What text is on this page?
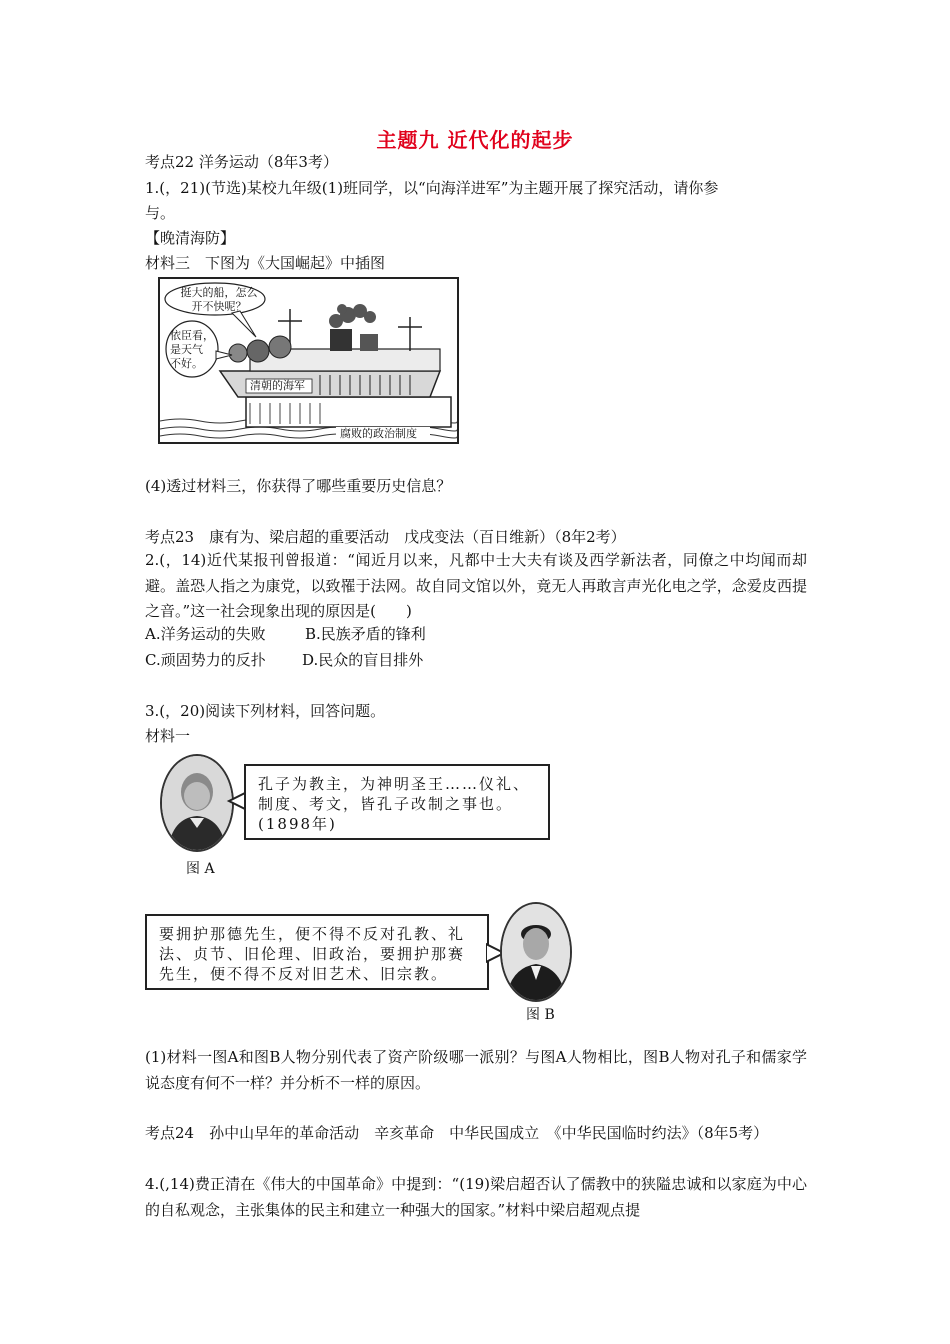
主题九 近代化的起步
考点22 洋务运动（8年3考）
1.(，21)(节选)某校九年级(1)班同学，以“向海洋进军”为主题开展了探究活动，请你参
与。
【晚清海防】
材料三　下图为《大国崛起》中插图
挺大的船，怎么
开不快呢？
依臣看，
是天气
不好。
清朝的海军
腐败的政治制度
(4)透过材料三，你获得了哪些重要历史信息？
考点23　康有为、梁启超的重要活动　戊戌变法（百日维新）（8年2考）
2.(，14)近代某报刊曾报道：“闻近月以来，凡都中士大夫有谈及西学新法者，同僚之中均闻而却避。盖恐人指之为康党，以致罹于法网。故自同文馆以外，竟无人再敢言声光化电之学，念爱皮西提之音。”这一社会现象出现的原因是(　　)
A.洋务运动的失败	B.民族矛盾的锋利
C.顽固势力的反扑 D.民众的盲目排外
3.(，20)阅读下列材料，回答问题。
材料一
孔子为教主，为神明圣王……仪礼、制度、考文，皆孔子改制之事也。(1898年)
图 A
要拥护那德先生，便不得不反对孔教、礼法、贞节、旧伦理、旧政治，要拥护那赛先生，便不得不反对旧艺术、旧宗教。
图 B
(1)材料一图A和图B人物分别代表了资产阶级哪一派别？与图A人物相比，图B人物对孔子和儒家学说态度有何不一样？并分析不一样的原因。
考点24　孙中山早年的革命活动　辛亥革命　中华民国成立　《中华民国临时约法》（8年5考）
4.(,14)费正清在《伟大的中国革命》中提到：“(19)梁启超否认了儒教中的狭隘忠诚和以家庭为中心的自私观念，主张集体的民主和建立一种强大的国家。”材料中梁启超观点提
